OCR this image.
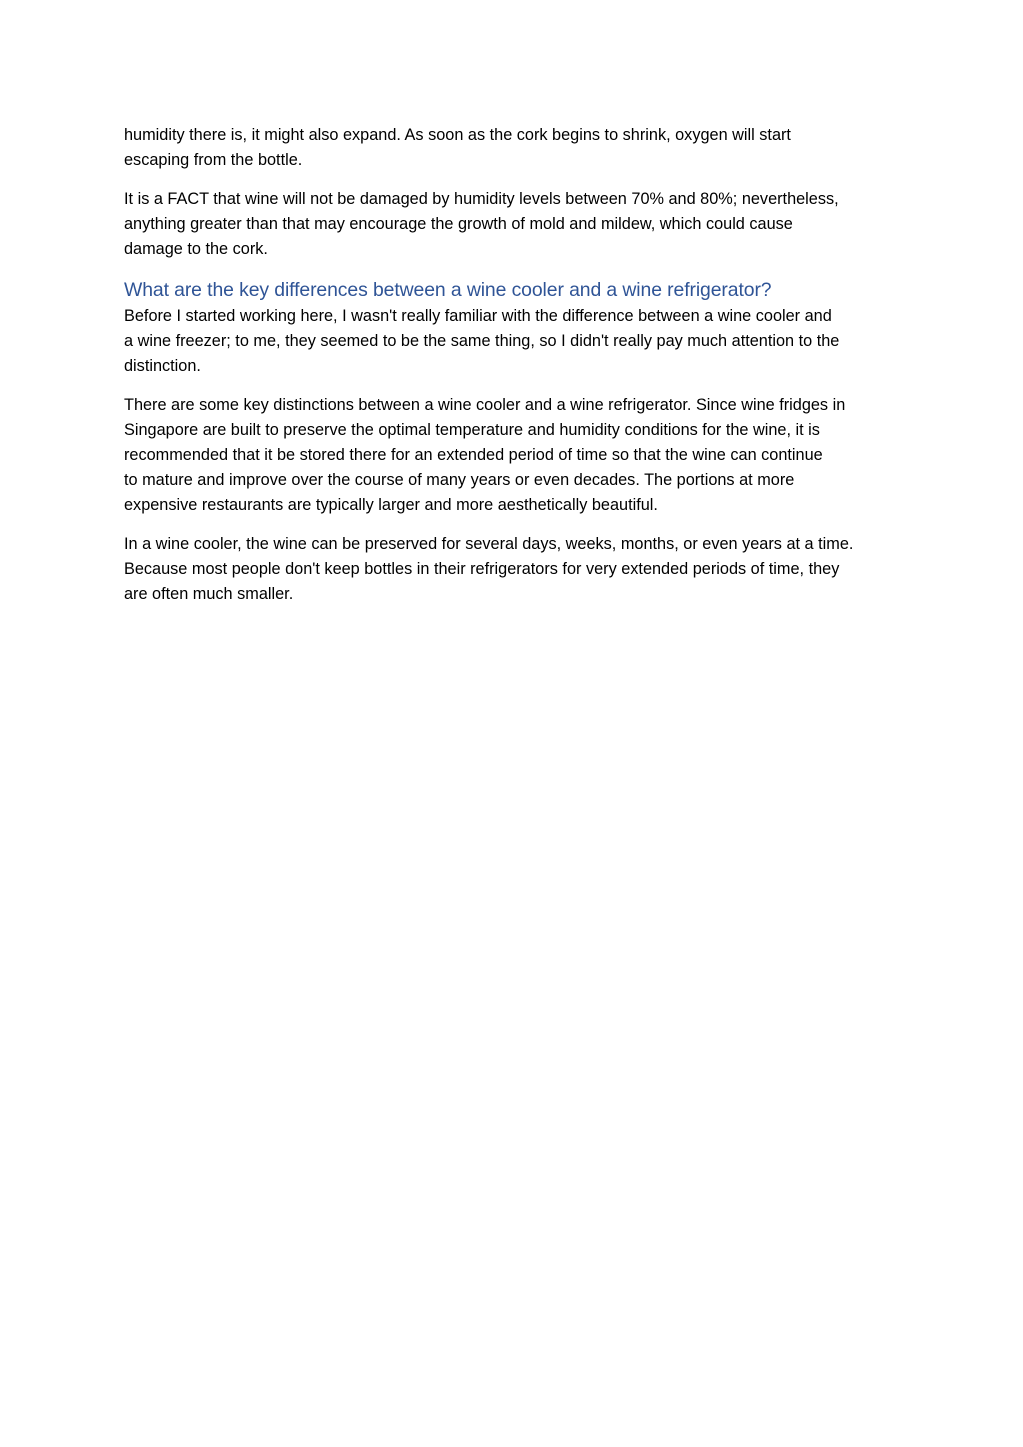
humidity there is, it might also expand. As soon as the cork begins to shrink, oxygen will start
escaping from the bottle.

It is a FACT that wine will not be damaged by humidity levels between 70% and 80%; nevertheless,
anything greater than that may encourage the growth of mold and mildew, which could cause
damage to the cork.

What are the key differences between a wine cooler and a wine refrigerator?

Before I started working here, I wasn't really familiar with the difference between a wine cooler and
a wine freezer; to me, they seemed to be the same thing, so I didn't really pay much attention to the
distinction.

There are some key distinctions between a wine cooler and a wine refrigerator. Since wine fridges in
Singapore are built to preserve the optimal temperature and humidity conditions for the wine, it is
recommended that it be stored there for an extended period of time so that the wine can continue
to mature and improve over the course of many years or even decades. The portions at more
expensive restaurants are typically larger and more aesthetically beautiful.

In a wine cooler, the wine can be preserved for several days, weeks, months, or even years at a time.
Because most people don't keep bottles in their refrigerators for very extended periods of time, they
are often much smaller.
